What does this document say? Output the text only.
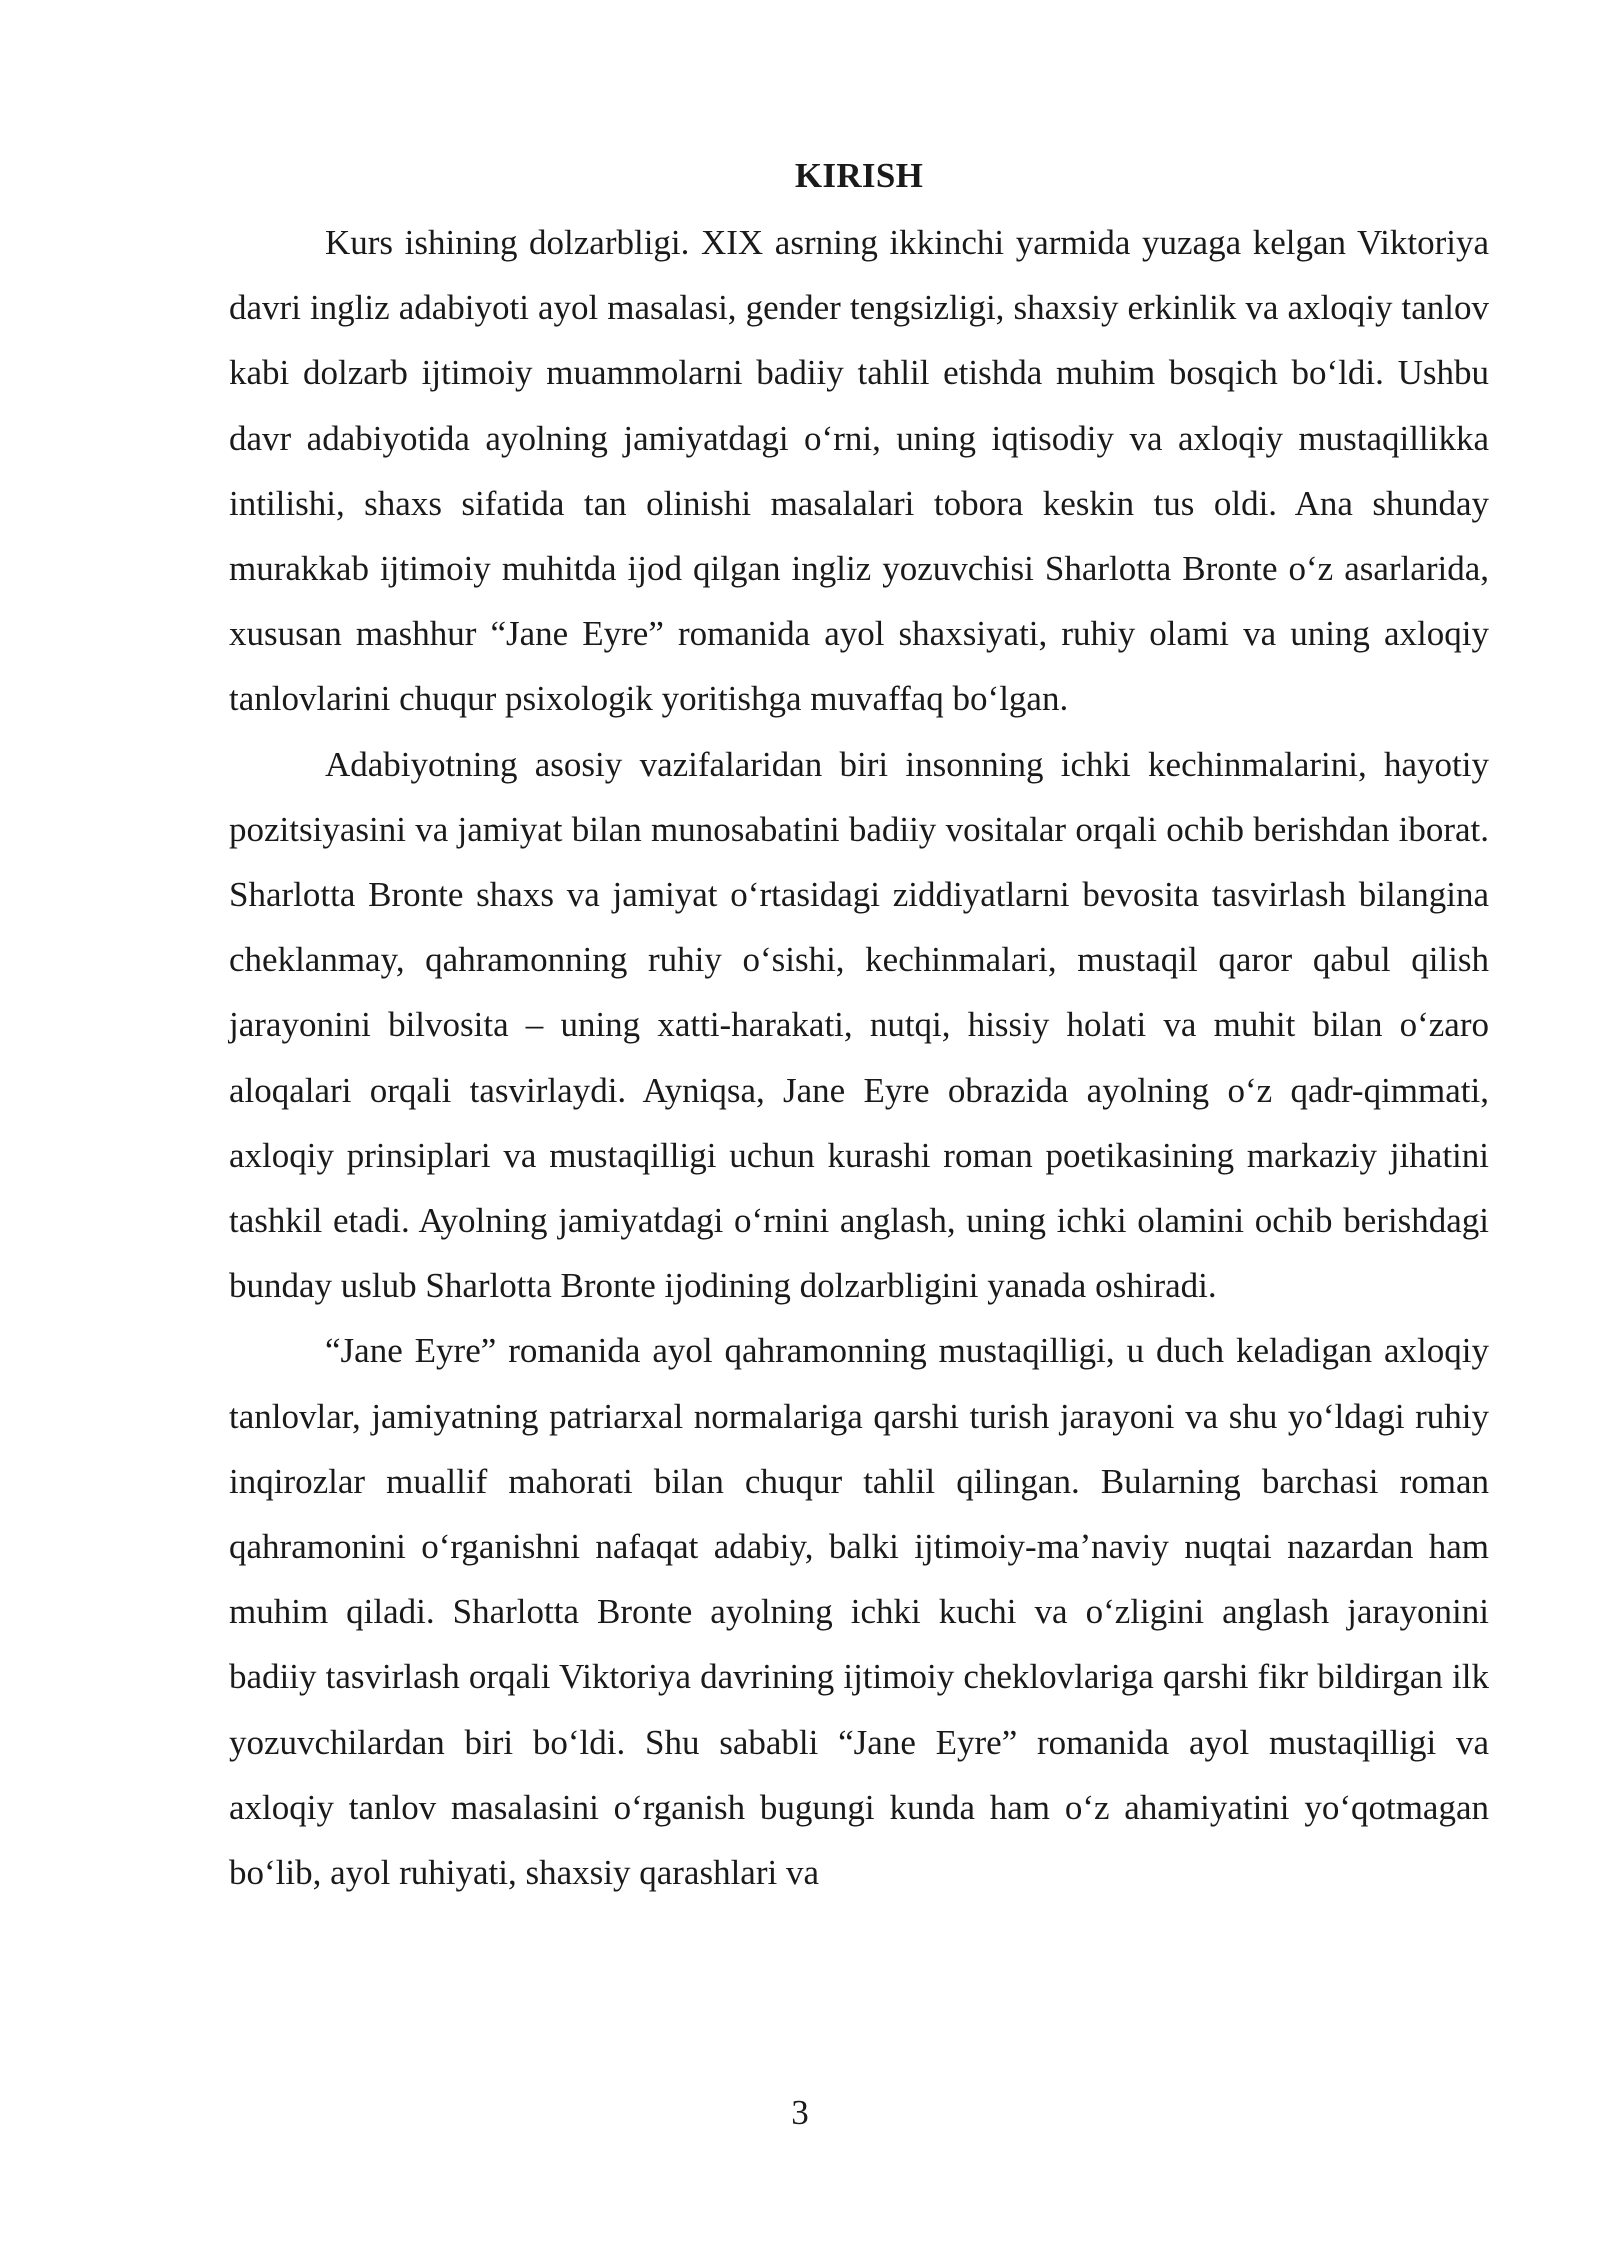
KIRISH

Kurs ishining dolzarbligi. XIX asrning ikkinchi yarmida yuzaga kelgan Viktoriya davri ingliz adabiyoti ayol masalasi, gender tengsizligi, shaxsiy erkinlik va axloqiy tanlov kabi dolzarb ijtimoiy muammolarni badiiy tahlil etishda muhim bosqich boʻldi. Ushbu davr adabiyotida ayolning jamiyatdagi oʻrni, uning iqtisodiy va axloqiy mustaqillikka intilishi, shaxs sifatida tan olinishi masalalari tobora keskin tus oldi. Ana shunday murakkab ijtimoiy muhitda ijod qilgan ingliz yozuvchisi Sharlotta Bronte oʻz asarlarida, xususan mashhur “Jane Eyre” romanida ayol shaxsiyati, ruhiy olami va uning axloqiy tanlovlarini chuqur psixologik yoritishga muvaffaq boʻlgan.

Adabiyotning asosiy vazifalaridan biri insonning ichki kechinmalarini, hayotiy pozitsiyasini va jamiyat bilan munosabatini badiiy vositalar orqali ochib berishdan iborat. Sharlotta Bronte shaxs va jamiyat oʻrtasidagi ziddiyatlarni bevosita tasvirlash bilangina cheklanmay, qahramonning ruhiy oʻsishi, kechinmalari, mustaqil qaror qabul qilish jarayonini bilvosita – uning xatti-harakati, nutqi, hissiy holati va muhit bilan oʻzaro aloqalari orqali tasvirlaydi. Ayniqsa, Jane Eyre obrazida ayolning oʻz qadr-qimmati, axloqiy prinsiplari va mustaqilligi uchun kurashi roman poetikasining markaziy jihatini tashkil etadi. Ayolning jamiyatdagi oʻrnini anglash, uning ichki olamini ochib berishdagi bunday uslub Sharlotta Bronte ijodining dolzarbligini yanada oshiradi.

“Jane Eyre” romanida ayol qahramonning mustaqilligi, u duch keladigan axloqiy tanlovlar, jamiyatning patriarxal normalariga qarshi turish jarayoni va shu yoʻldagi ruhiy inqirozlar muallif mahorati bilan chuqur tahlil qilingan. Bularning barchasi roman qahramonini oʻrganishni nafaqat adabiy, balki ijtimoiy-maʼnaviy nuqtai nazardan ham muhim qiladi. Sharlotta Bronte ayolning ichki kuchi va oʻzligini anglash jarayonini badiiy tasvirlash orqali Viktoriya davrining ijtimoiy cheklovlariga qarshi fikr bildirgan ilk yozuvchilardan biri boʻldi. Shu sababli “Jane Eyre” romanida ayol mustaqilligi va axloqiy tanlov masalasini oʻrganish bugungi kunda ham oʻz ahamiyatini yoʻqotmagan boʻlib, ayol ruhiyati, shaxsiy qarashlari va

3
